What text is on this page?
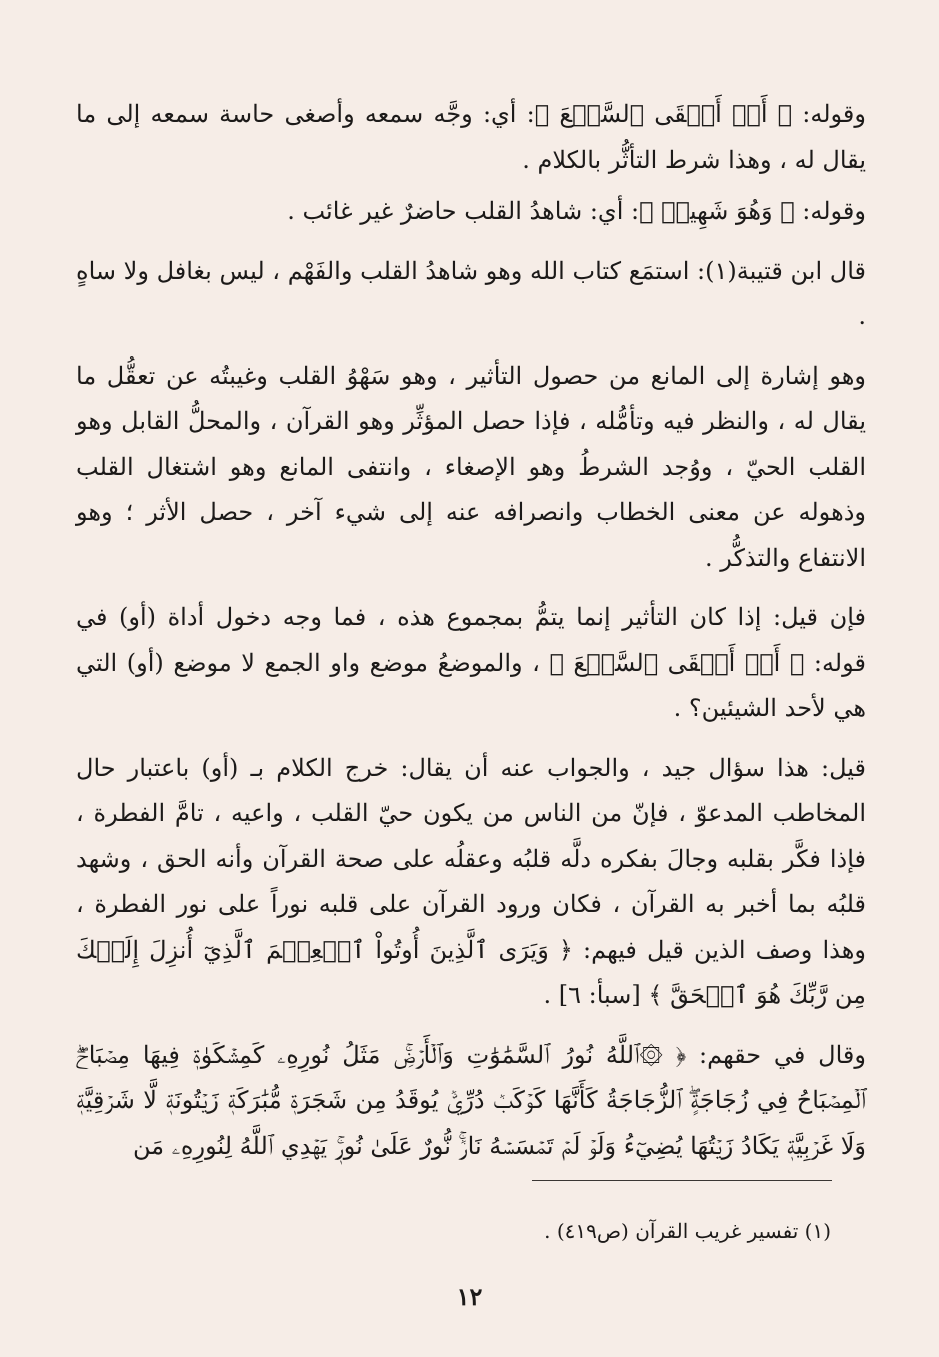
وقوله: ﴿ أَوۡ أَلۡقَى ٱلسَّمۡعَ ﴾: أي: وجَّه سمعه وأصغى حاسة سمعه إلى ما يقال له ، وهذا شرط التأثُّر بالكلام .

وقوله: ﴿ وَهُوَ شَهِيدٞ ﴾: أي: شاهدُ القلب حاضرٌ غير غائب .

قال ابن قتيبة(١): استمَع كتاب الله وهو شاهدُ القلب والفَهْم ، ليس بغافل ولا ساهٍ .

وهو إشارة إلى المانع من حصول التأثير ، وهو سَهْوُ القلب وغيبتُه عن تعقُّل ما يقال له ، والنظر فيه وتأمُّله ، فإذا حصل المؤثِّر وهو القرآن ، والمحلُّ القابل وهو القلب الحيّ ، ووُجد الشرطُ وهو الإصغاء ، وانتفى المانع وهو اشتغال القلب وذهوله عن معنى الخطاب وانصرافه عنه إلى شيء آخر ، حصل الأثر ؛ وهو الانتفاع والتذكُّر .

فإن قيل: إذا كان التأثير إنما يتمُّ بمجموع هذه ، فما وجه دخول أداة (أو) في قوله: ﴿ أَوۡ أَلۡقَى ٱلسَّمۡعَ ﴾ ، والموضعُ موضع واو الجمع لا موضع (أو) التي هي لأحد الشيئين؟ .

قيل: هذا سؤال جيد ، والجواب عنه أن يقال: خرج الكلام بـ (أو) باعتبار حال المخاطب المدعوّ ، فإنّ من الناس من يكون حيّ القلب ، واعيه ، تامَّ الفطرة ، فإذا فكَّر بقلبه وجالَ بفكره دلَّه قلبُه وعقلُه على صحة القرآن وأنه الحق ، وشهد قلبُه بما أخبر به القرآن ، فكان ورود القرآن على قلبه نوراً على نور الفطرة ، وهذا وصف الذين قيل فيهم: ﴿ وَيَرَى ٱلَّذِينَ أُوتُواْ ٱلۡعِلۡمَ ٱلَّذِيٓ أُنزِلَ إِلَيۡكَ مِن رَّبِّكَ هُوَ ٱلۡحَقَّ ﴾ [سبأ: ٦] .

وقال في حقهم: ﴿ ۞ٱللَّهُ نُورُ ٱلسَّمَٰوَٰتِ وَٱلۡأَرۡضِۚ مَثَلُ نُورِهِۦ كَمِشۡكَوٰةٖ فِيهَا مِصۡبَاحٌۖ ٱلۡمِصۡبَاحُ فِي زُجَاجَةٍۖ ٱلزُّجَاجَةُ كَأَنَّهَا كَوۡكَبٞ دُرِّيّٞ يُوقَدُ مِن شَجَرَةٖ مُّبَٰرَكَةٖ زَيۡتُونَةٖ لَّا شَرۡقِيَّةٖ وَلَا غَرۡبِيَّةٖ يَكَادُ زَيۡتُهَا يُضِيٓءُ وَلَوۡ لَمۡ تَمۡسَسۡهُ نَارٞۚ نُّورٌ عَلَىٰ نُورٖۚ يَهۡدِي ٱللَّهُ لِنُورِهِۦ مَن

(١) تفسير غريب القرآن (ص٤١٩) .
١٢
